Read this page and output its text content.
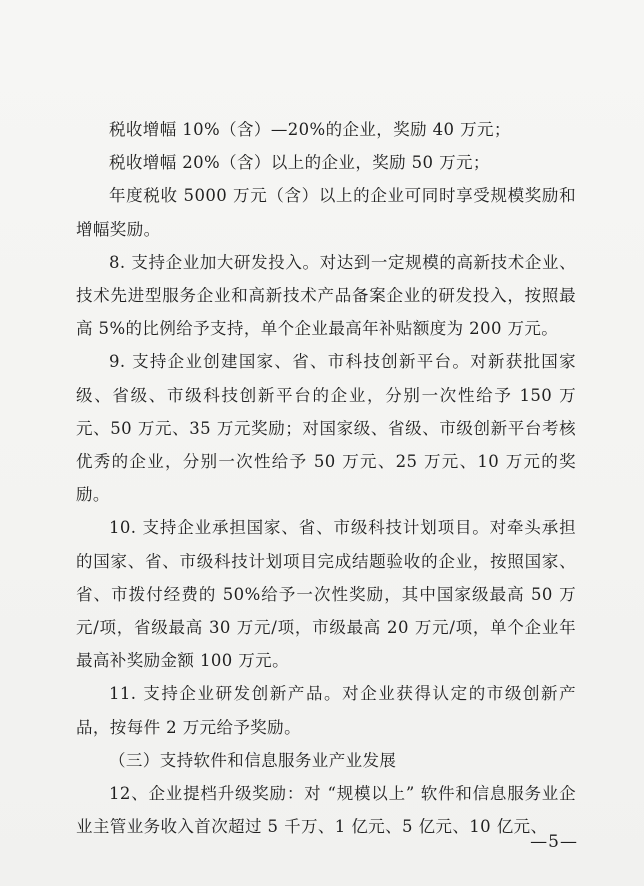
税收增幅 10%（含）—20%的企业，奖励 40 万元；

税收增幅 20%（含）以上的企业，奖励 50 万元；

年度税收 5000 万元（含）以上的企业可同时享受规模奖励和增幅奖励。

8. 支持企业加大研发投入。对达到一定规模的高新技术企业、技术先进型服务企业和高新技术产品备案企业的研发投入，按照最高 5%的比例给予支持，单个企业最高年补贴额度为 200 万元。

9. 支持企业创建国家、省、市科技创新平台。对新获批国家级、省级、市级科技创新平台的企业，分别一次性给予 150 万元、50 万元、35 万元奖励；对国家级、省级、市级创新平台考核优秀的企业，分别一次性给予 50 万元、25 万元、10 万元的奖励。

10. 支持企业承担国家、省、市级科技计划项目。对牵头承担的国家、省、市级科技计划项目完成结题验收的企业，按照国家、省、市拨付经费的 50%给予一次性奖励，其中国家级最高 50 万元/项，省级最高 30 万元/项，市级最高 20 万元/项，单个企业年最高补奖励金额 100 万元。

11. 支持企业研发创新产品。对企业获得认定的市级创新产品，按每件 2 万元给予奖励。

（三）支持软件和信息服务业产业发展

12、企业提档升级奖励：对 “规模以上” 软件和信息服务业企业主管业务收入首次超过 5 千万、1 亿元、5 亿元、10 亿元、

—5—
